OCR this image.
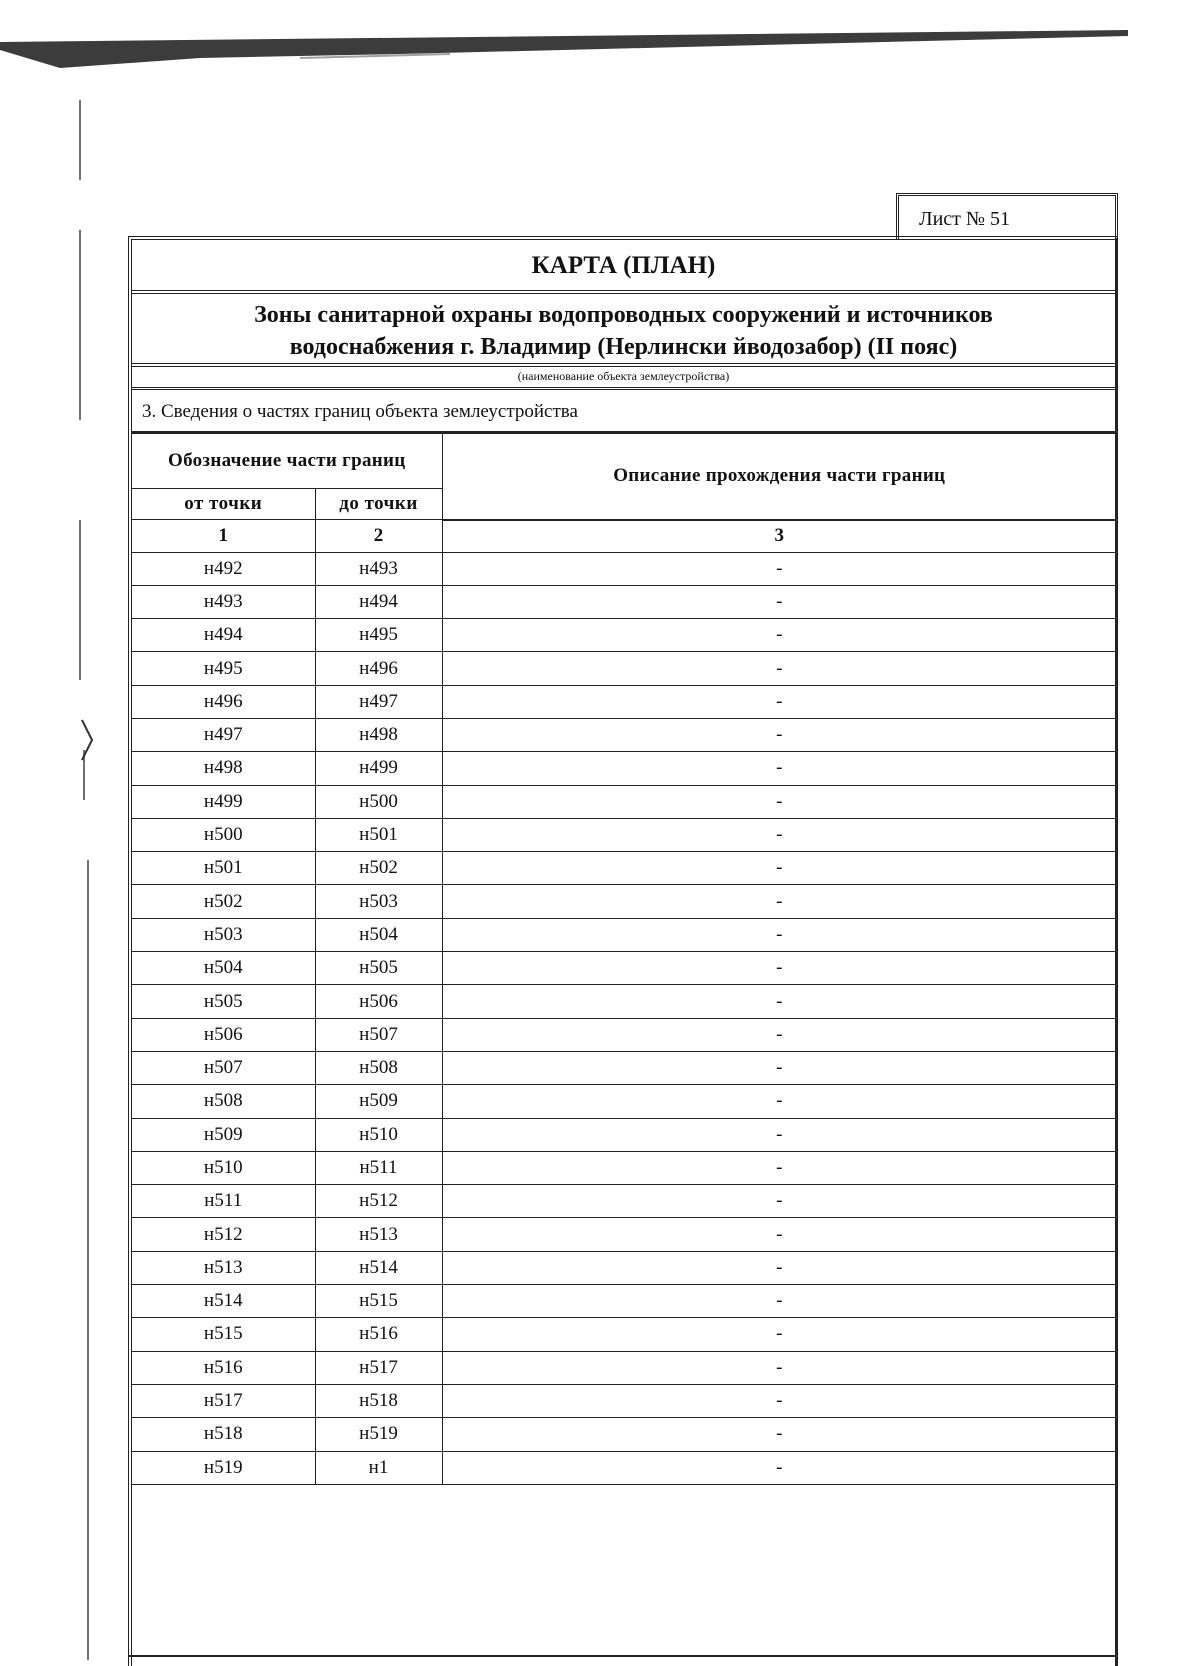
Лист № 51
КАРТА (ПЛАН)
Зоны санитарной охраны водопроводных сооружений и источников
водоснабжения г. Владимир (Нерлински йводозабор) (II пояс)
(наименование объекта землеустройства)
3. Сведения о частях границ объекта землеустройства
Обозначение части границ		Описание прохождения части границ
от точки	до точки	
1	2	3
н492	н493	-
н493	н494	-
н494	н495	-
н495	н496	-
н496	н497	-
н497	н498	-
н498	н499	-
н499	н500	-
н500	н501	-
н501	н502	-
н502	н503	-
н503	н504	-
н504	н505	-
н505	н506	-
н506	н507	-
н507	н508	-
н508	н509	-
н509	н510	-
н510	н511	-
н511	н512	-
н512	н513	-
н513	н514	-
н514	н515	-
н515	н516	-
н516	н517	-
н517	н518	-
н518	н519	-
н519	н1	-
